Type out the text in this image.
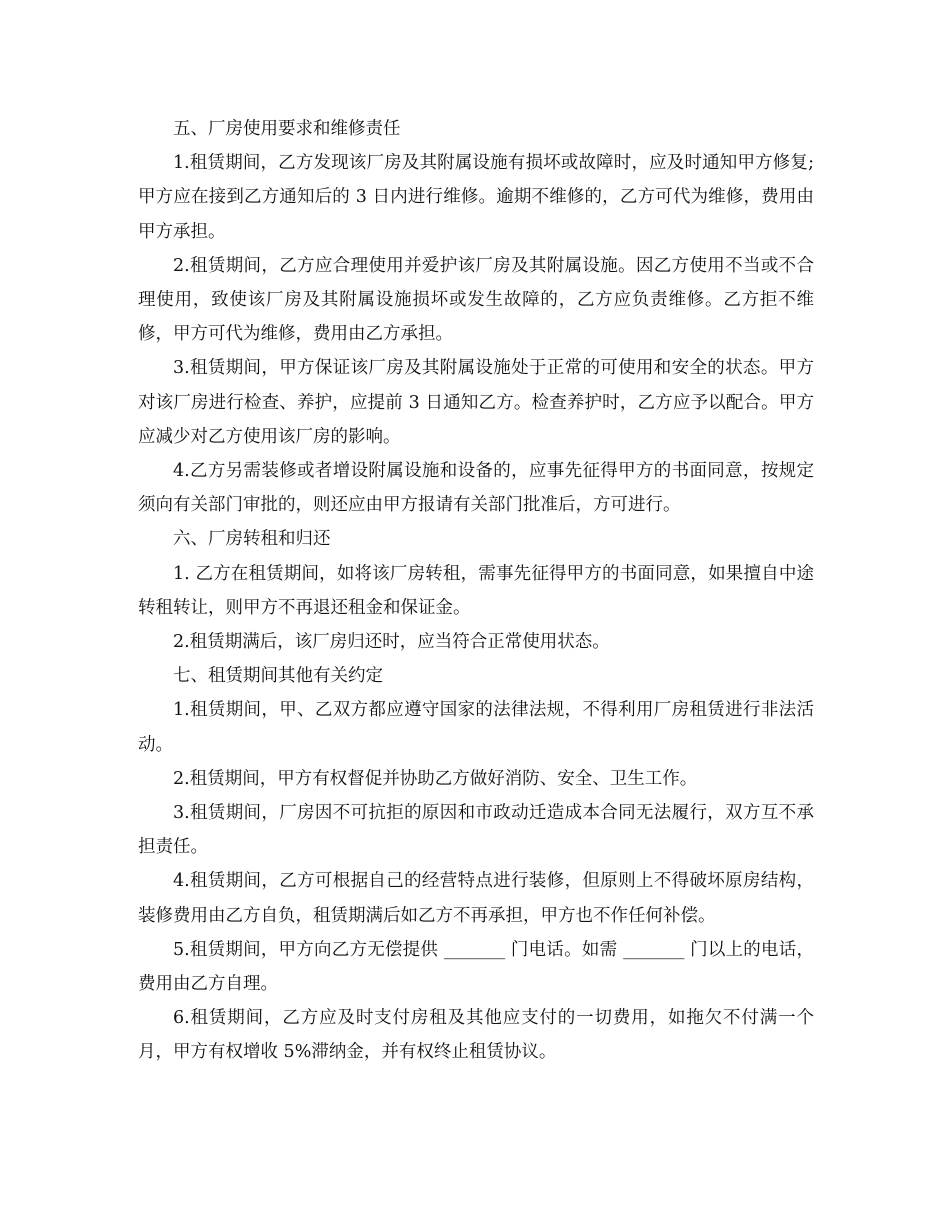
五、厂房使用要求和维修责任
1.租赁期间，乙方发现该厂房及其附属设施有损坏或故障时，应及时通知甲方修复;甲方应在接到乙方通知后的 3 日内进行维修。逾期不维修的，乙方可代为维修，费用由甲方承担。
2.租赁期间，乙方应合理使用并爱护该厂房及其附属设施。因乙方使用不当或不合理使用，致使该厂房及其附属设施损坏或发生故障的，乙方应负责维修。乙方拒不维修，甲方可代为维修，费用由乙方承担。
3.租赁期间，甲方保证该厂房及其附属设施处于正常的可使用和安全的状态。甲方对该厂房进行检查、养护，应提前 3 日通知乙方。检查养护时，乙方应予以配合。甲方应减少对乙方使用该厂房的影响。
4.乙方另需装修或者增设附属设施和设备的，应事先征得甲方的书面同意，按规定须向有关部门审批的，则还应由甲方报请有关部门批准后，方可进行。
六、厂房转租和归还
1. 乙方在租赁期间，如将该厂房转租，需事先征得甲方的书面同意，如果擅自中途转租转让，则甲方不再退还租金和保证金。
2.租赁期满后，该厂房归还时，应当符合正常使用状态。
七、租赁期间其他有关约定
1.租赁期间，甲、乙双方都应遵守国家的法律法规，不得利用厂房租赁进行非法活动。
2.租赁期间，甲方有权督促并协助乙方做好消防、安全、卫生工作。
3.租赁期间，厂房因不可抗拒的原因和市政动迁造成本合同无法履行，双方互不承担责任。
4.租赁期间，乙方可根据自己的经营特点进行装修，但原则上不得破坏原房结构，装修费用由乙方自负，租赁期满后如乙方不再承担，甲方也不作任何补偿。
5.租赁期间，甲方向乙方无偿提供 _______ 门电话。如需 _______ 门以上的电话，费用由乙方自理。
6.租赁期间，乙方应及时支付房租及其他应支付的一切费用，如拖欠不付满一个月，甲方有权增收 5%滞纳金，并有权终止租赁协议。
